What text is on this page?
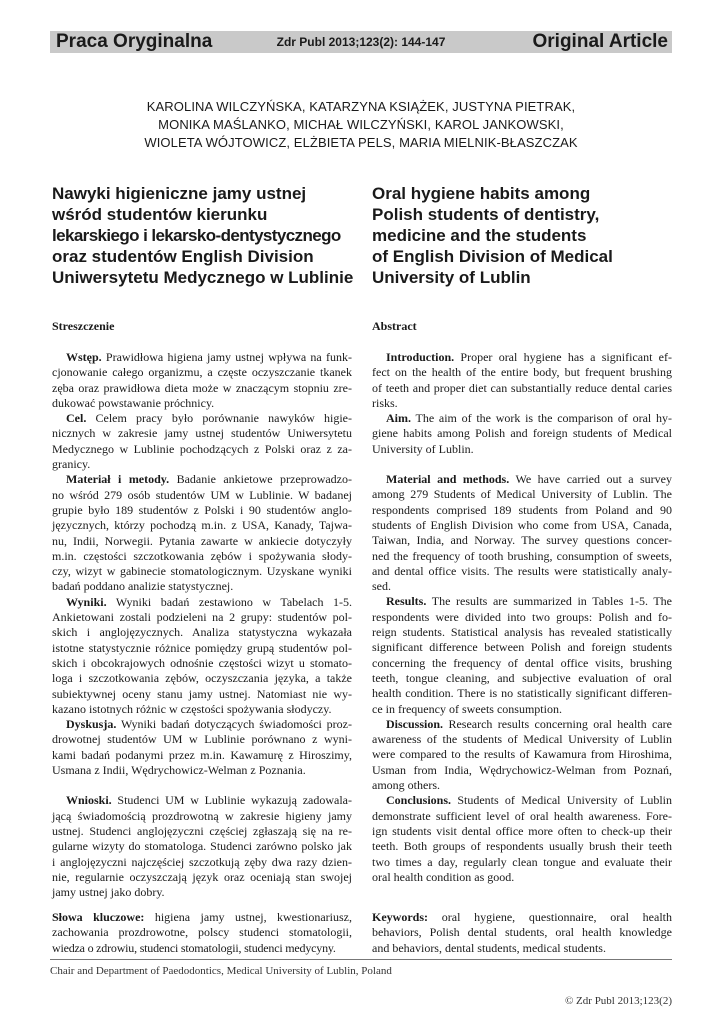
Praca Oryginalna	Zdr Publ 2013;123(2): 144-147	Original Article
KAROLINA WILCZYŃSKA, KATARZYNA KSIĄŻEK, JUSTYNA PIETRAK,
MONIKA MAŚLANKO, MICHAŁ WILCZYŃSKI, KAROL JANKOWSKI,
WIOLETA WÓJTOWICZ, ELŻBIETA PELS, MARIA MIELNIK-BŁASZCZAK
Nawyki higieniczne jamy ustnej
wśród studentów kierunku
lekarskiego i lekarsko-dentystycznego
oraz studentów English Division
Uniwersytetu Medycznego w Lublinie
Oral hygiene habits among
Polish students of dentistry,
medicine and the students
of English Division of Medical
University of Lublin
Streszczenie	Abstract
Wstęp. Prawidłowa higiena jamy ustnej wpływa na funk-
cjonowanie całego organizmu, a częste oczyszczanie tkanek
zęba oraz prawidłowa dieta może w znaczącym stopniu zre-
dukować powstawanie próchnicy.
Cel. Celem pracy było porównanie nawyków higie-
nicznych w zakresie jamy ustnej studentów Uniwersytetu
Medycznego w Lublinie pochodzących z Polski oraz z za-
granicy.
Materiał i metody. Badanie ankietowe przeprowadzo-
no wśród 279 osób studentów UM w Lublinie. W badanej
grupie było 189 studentów z Polski i 90 studentów anglo-
języcznych, którzy pochodzą m.in. z USA, Kanady, Tajwa-
nu, Indii, Norwegii. Pytania zawarte w ankiecie dotyczyły
m.in. częstości szczotkowania zębów i spożywania słody-
czy, wizyt w gabinecie stomatologicznym. Uzyskane wyniki
badań poddano analizie statystycznej.
Wyniki. Wyniki badań zestawiono w Tabelach 1-5.
Ankietowani zostali podzieleni na 2 grupy: studentów pol-
skich i anglojęzycznych. Analiza statystyczna wykazała
istotne statystycznie różnice pomiędzy grupą studentów pol-
skich i obcokrajowych odnośnie częstości wizyt u stomato-
loga i szczotkowania zębów, oczyszczania języka, a także
subiektywnej oceny stanu jamy ustnej. Natomiast nie wy-
kazano istotnych różnic w częstości spożywania słodyczy.
Dyskusja. Wyniki badań dotyczących świadomości proz-
drowotnej studentów UM w Lublinie porównano z wyni-
kami badań podanymi przez m.in. Kawamurę z Hiroszimy,
Usmana z Indii, Wędrychowicz-Welman z Poznania.
Wnioski. Studenci UM w Lublinie wykazują zadowala-
jącą świadomością prozdrowotną w zakresie higieny jamy
ustnej. Studenci anglojęzyczni częściej zgłaszają się na re-
gularne wizyty do stomatologa. Studenci zarówno polsko jak
i anglojęzyczni najczęściej szczotkują zęby dwa razy dzien-
nie, regularnie oczyszczają język oraz oceniają stan swojej
jamy ustnej jako dobry.
Introduction. Proper oral hygiene has a significant ef-
fect on the health of the entire body, but frequent brushing
of teeth and proper diet can substantially reduce dental caries
risks.
Aim. The aim of the work is the comparison of oral hy-
giene habits among Polish and foreign students of Medical
University of Lublin.
Material and methods. We have carried out a survey
among 279 Students of Medical University of Lublin. The
respondents comprised 189 students from Poland and 90
students of English Division who come from USA, Canada,
Taiwan, India, and Norway. The survey questions concer-
ned the frequency of tooth brushing, consumption of sweets,
and dental office visits. The results were statistically analy-
sed.
Results. The results are summarized in Tables 1-5. The
respondents were divided into two groups: Polish and fo-
reign students. Statistical analysis has revealed statistically
significant difference between Polish and foreign students
concerning the frequency of dental office visits, brushing
teeth, tongue cleaning, and subjective evaluation of oral
health condition. There is no statistically significant differen-
ce in frequency of sweets consumption.
Discussion. Research results concerning oral health care
awareness of the students of Medical University of Lublin
were compared to the results of Kawamura from Hiroshima,
Usman from India, Wędrychowicz-Welman from Poznań,
among others.
Conclusions. Students of Medical University of Lublin
demonstrate sufficient level of oral health awareness. Fore-
ign students visit dental office more often to check-up their
teeth. Both groups of respondents usually brush their teeth
two times a day, regularly clean tongue and evaluate their
oral health condition as good.
Słowa kluczowe: higiena jamy ustnej, kwestionariusz,
zachowania prozdrowotne, polscy studenci stomatologii,
wiedza o zdrowiu, studenci stomatologii, studenci medycyny.
Keywords: oral hygiene, questionnaire, oral health
behaviors, Polish dental students, oral health knowledge
and behaviors, dental students, medical students.
Chair and Department of Paedodontics, Medical University of Lublin, Poland
© Zdr Publ 2013;123(2)
